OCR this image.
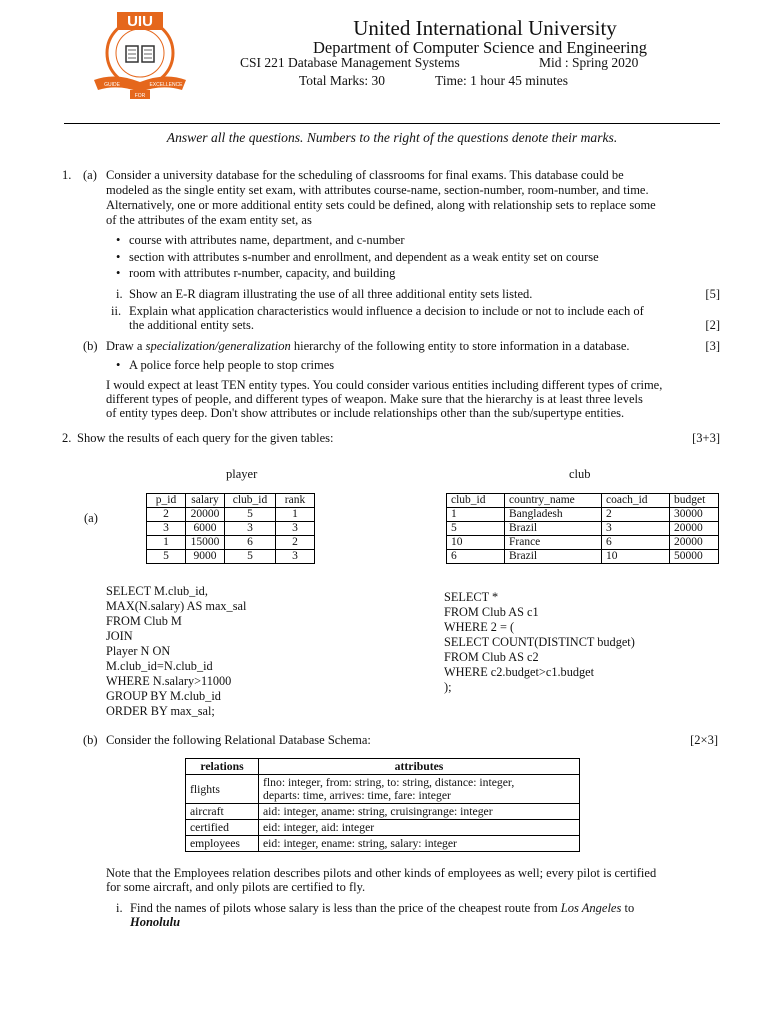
UIU
GUIDE	EXCELLENCE
FOR
United International University
Department of Computer Science and Engineering
CSI 221 Database Management Systems	Mid : Spring 2020
Total Marks: 30	Time: 1 hour 45 minutes
Answer all the questions. Numbers to the right of the questions denote their marks.
1. (a) Consider a university database for the scheduling of classrooms for final exams. This database could be
modeled as the single entity set exam, with attributes course-name, section-number, room-number, and time.
Alternatively, one or more additional entity sets could be defined, along with relationship sets to replace some
of the attributes of the exam entity set, as
• course with attributes name, department, and c-number
• section with attributes s-number and enrollment, and dependent as a weak entity set on course
• room with attributes r-number, capacity, and building
i. Show an E-R diagram illustrating the use of all three additional entity sets listed.	[5]
ii. Explain what application characteristics would influence a decision to include or not to include each of
the additional entity sets.	[2]
(b) Draw a specialization/generalization hierarchy of the following entity to store information in a database.	[3]
• A police force help people to stop crimes
I would expect at least TEN entity types. You could consider various entities including different types of crime,
different types of people, and different types of weapon. Make sure that the hierarchy is at least three levels
of entity types deep. Don't show attributes or include relationships other than the sub/supertype entities.
2. Show the results of each query for the given tables:	[3+3]
player	club
(a)
p_id	salary	club_id	rank
2	20000	5	1
3	6000	3	3
1	15000	6	2
5	9000	5	3
club_id	country_name	coach_id	budget
1	Bangladesh	2	30000
5	Brazil	3	20000
10	France	6	20000
6	Brazil	10	50000
SELECT M.club_id,
MAX(N.salary) AS max_sal
FROM Club M
JOIN
Player N ON
M.club_id=N.club_id
WHERE N.salary>11000
GROUP BY M.club_id
ORDER BY max_sal;
SELECT *
FROM Club AS c1
WHERE 2 = (
SELECT COUNT(DISTINCT budget)
FROM Club AS c2
WHERE c2.budget>c1.budget
);
(b) Consider the following Relational Database Schema:	[2×3]
relations	attributes
flights	flno: integer, from: string, to: string, distance: integer,
departs: time, arrives: time, fare: integer

aircraft	aid: integer, aname: string, cruisingrange: integer
certified	eid: integer, aid: integer
employees	eid: integer, ename: string, salary: integer
Note that the Employees relation describes pilots and other kinds of employees as well; every pilot is certified
for some aircraft, and only pilots are certified to fly.
i. Find the names of pilots whose salary is less than the price of the cheapest route from Los Angeles to
Honolulu
